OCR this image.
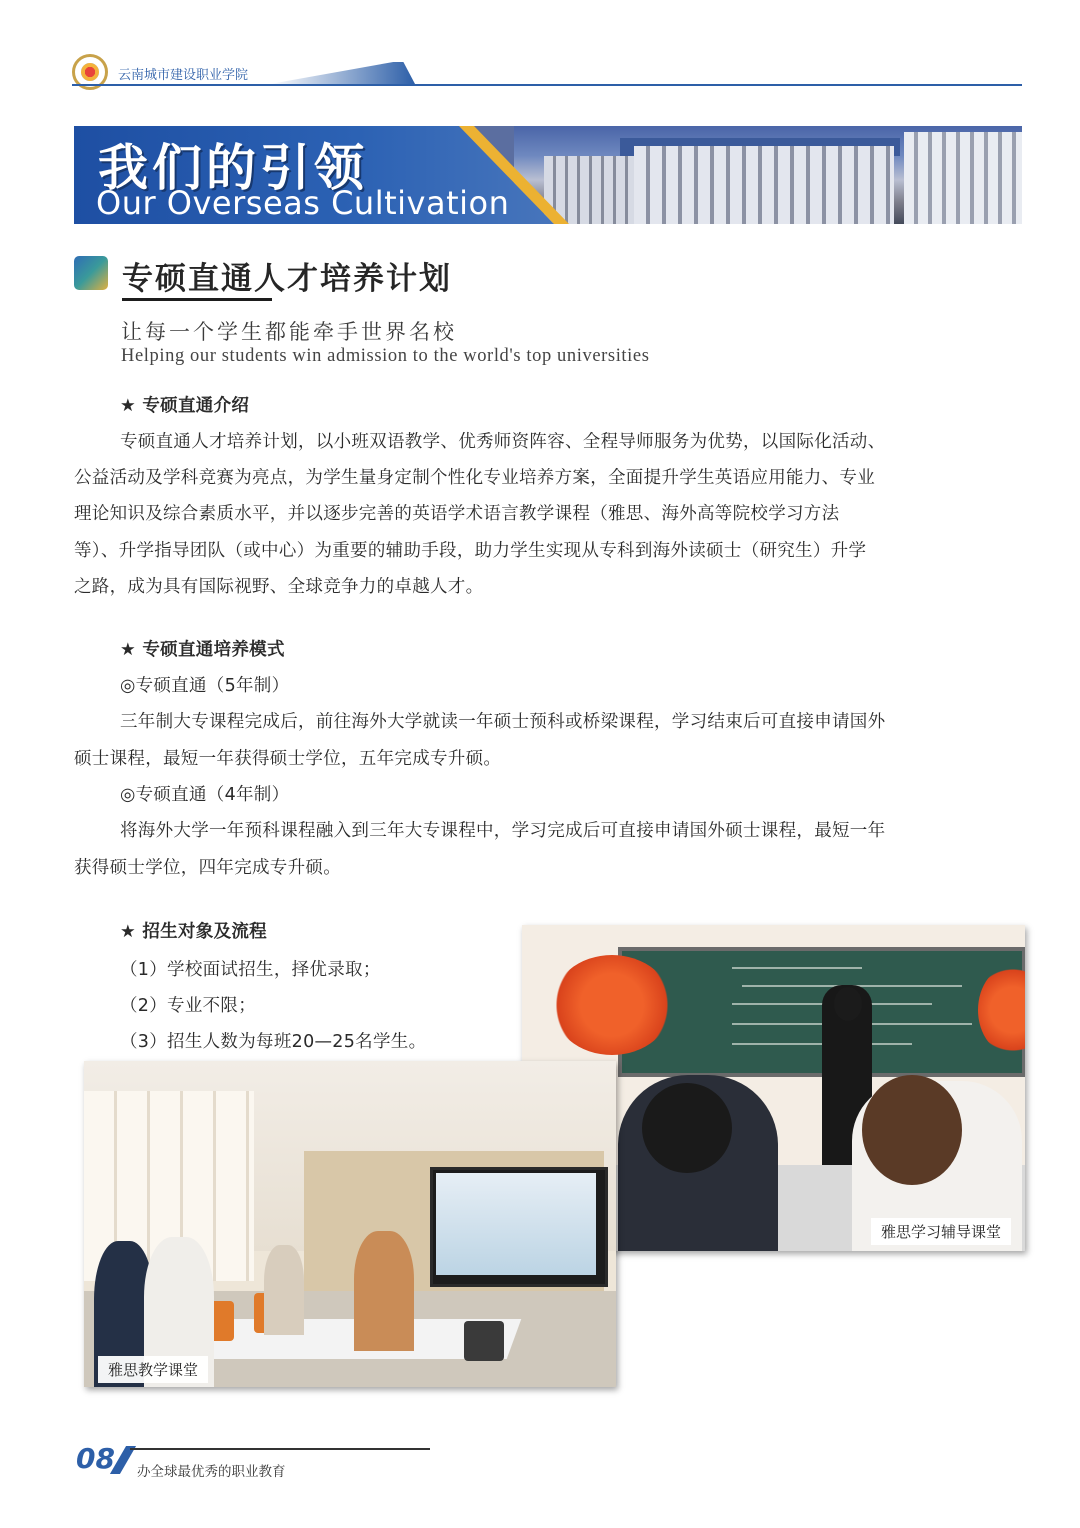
云南城市建设职业学院
我们的引领
Our Overseas Cultivation
专硕直通人才培养计划
让每一个学生都能牵手世界名校
Helping our students win admission to the world's top universities
★ 专硕直通介绍
专硕直通人才培养计划，以小班双语教学、优秀师资阵容、全程导师服务为优势，以国际化活动、
公益活动及学科竞赛为亮点，为学生量身定制个性化专业培养方案，全面提升学生英语应用能力、专业
理论知识及综合素质水平，并以逐步完善的英语学术语言教学课程（雅思、海外高等院校学习方法
等）、升学指导团队（或中心）为重要的辅助手段，助力学生实现从专科到海外读硕士（研究生）升学
之路，成为具有国际视野、全球竞争力的卓越人才。
★ 专硕直通培养模式
◎专硕直通（5年制）
三年制大专课程完成后，前往海外大学就读一年硕士预科或桥梁课程，学习结束后可直接申请国外
硕士课程，最短一年获得硕士学位，五年完成专升硕。
◎专硕直通（4年制）
将海外大学一年预科课程融入到三年大专课程中，学习完成后可直接申请国外硕士课程，最短一年
获得硕士学位，四年完成专升硕。
★ 招生对象及流程
（1）学校面试招生，择优录取；
（2）专业不限；
（3）招生人数为每班20—25名学生。
雅思学习辅导课堂
雅思教学课堂
08 办全球最优秀的职业教育
